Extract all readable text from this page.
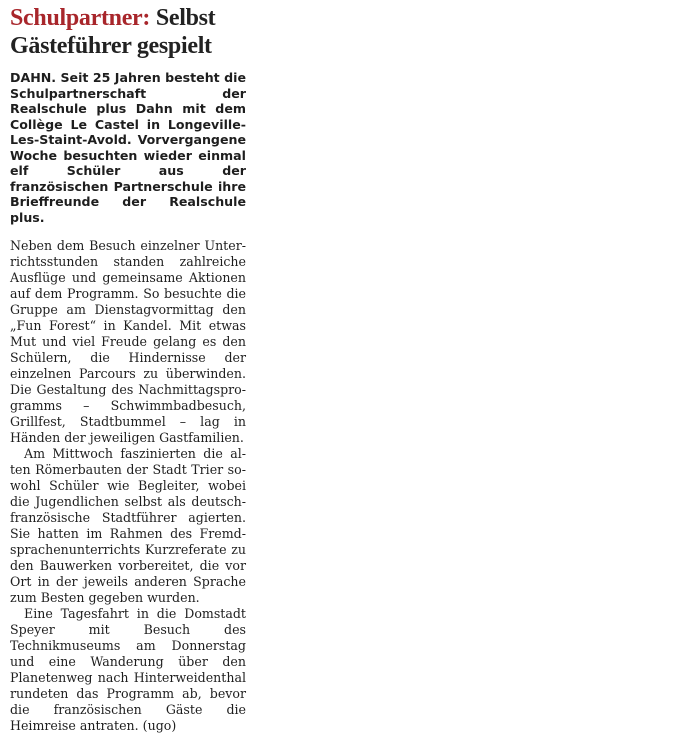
Schulpartner: Selbst Gästeführer gespielt

DAHN. Seit 25 Jahren besteht die Schulpartnerschaft der Realschule plus Dahn mit dem Collège Le Castel in Longeville-Les-Staint-Avold. Vorvergangene Woche besuchten wieder einmal elf Schüler aus der französischen Partnerschule ihre Brieffreunde der Realschule plus.

Neben dem Besuch einzelner Unterrichtsstunden standen zahlreiche Ausflüge und gemeinsame Aktionen auf dem Programm. So besuchte die Gruppe am Dienstagvormittag den „Fun Forest“ in Kandel. Mit etwas Mut und viel Freude gelang es den Schülern, die Hindernisse der einzelnen Parcours zu überwinden. Die Gestaltung des Nachmittagsprogramms – Schwimmbadbesuch, Grillfest, Stadtbummel – lag in Händen der jeweiligen Gastfamilien.

Am Mittwoch faszinierten die alten Römerbauten der Stadt Trier sowohl Schüler wie Begleiter, wobei die Jugendlichen selbst als deutsch-französische Stadtführer agierten. Sie hatten im Rahmen des Fremdsprachenunterrichts Kurzreferate zu den Bauwerken vorbereitet, die vor Ort in der jeweils anderen Sprache zum Besten gegeben wurden.

Eine Tagesfahrt in die Domstadt Speyer mit Besuch des Technikmuseums am Donnerstag und eine Wanderung über den Planetenweg nach Hinterweidenthal rundeten das Programm ab, bevor die französischen Gäste die Heimreise antraten. (ugo)
